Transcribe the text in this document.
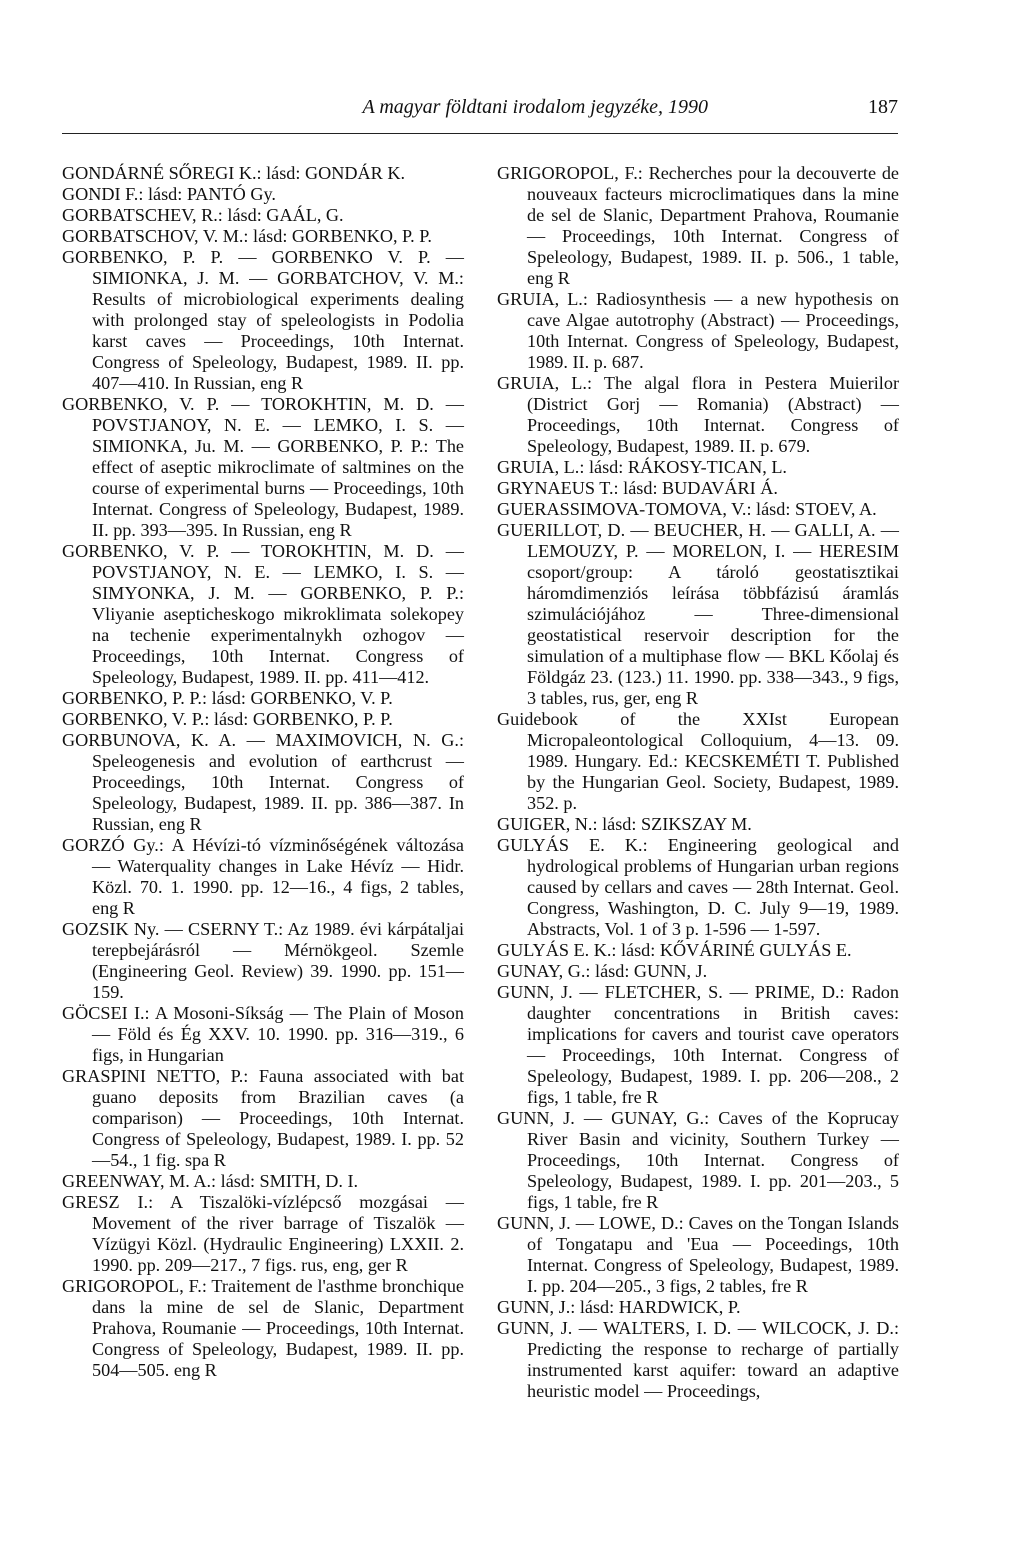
A magyar földtani irodalom jegyzéke, 1990	187

GONDÁRNÉ SŐREGI K.: lásd: GONDÁR K.

GONDI F.: lásd: PANTÓ Gy.

GORBATSCHEV, R.: lásd: GAÁL, G.

GORBATSCHOV, V. M.: lásd: GORBENKO, P. P.

GORBENKO, P. P. — GORBENKO V. P. — SIMIONKA, J. M. — GORBATCHOV, V. M.: Results of microbiological experiments dealing with prolonged stay of speleologists in Podolia karst caves — Proceedings, 10th Internat. Congress of Speleology, Budapest, 1989. II. pp. 407—410. In Russian, eng R

GORBENKO, V. P. — TOROKHTIN, M. D. — POVSTJANOY, N. E. — LEMKO, I. S. — SIMIONKA, Ju. M. — GORBENKO, P. P.: The effect of aseptic mikroclimate of saltmines on the course of experimental burns — Proceedings, 10th Internat. Congress of Speleology, Budapest, 1989. II. pp. 393—395. In Russian, eng R

GORBENKO, V. P. — TOROKHTIN, M. D. — POVSTJANOY, N. E. — LEMKO, I. S. — SIMYONKA, J. M. — GORBENKO, P. P.: Vliyanie asepticheskogo mikroklimata solekopey na techenie experimentalnykh ozhogov — Proceedings, 10th Internat. Congress of Speleology, Budapest, 1989. II. pp. 411—412.

GORBENKO, P. P.: lásd: GORBENKO, V. P.

GORBENKO, V. P.: lásd: GORBENKO, P. P.

GORBUNOVA, K. A. — MAXIMOVICH, N. G.: Speleogenesis and evolution of earthcrust — Proceedings, 10th Internat. Congress of Speleology, Budapest, 1989. II. pp. 386—387. In Russian, eng R

GORZÓ Gy.: A Hévízi-tó vízminőségének változása — Waterquality changes in Lake Hévíz — Hidr. Közl. 70. 1. 1990. pp. 12—16., 4 figs, 2 tables, eng R

GOZSIK Ny. — CSERNY T.: Az 1989. évi kárpátaljai terepbejárásról — Mérnökgeol. Szemle (Engineering Geol. Review) 39. 1990. pp. 151—159.

GÖCSEI I.: A Mosoni-Síkság — The Plain of Moson — Föld és Ég XXV. 10. 1990. pp. 316—319., 6 figs, in Hungarian

GRASPINI NETTO, P.: Fauna associated with bat guano deposits from Brazilian caves (a comparison) — Proceedings, 10th Internat. Congress of Speleology, Budapest, 1989. I. pp. 52—54., 1 fig. spa R

GREENWAY, M. A.: lásd: SMITH, D. I.

GRESZ I.: A Tiszalöki-vízlépcső mozgásai — Movement of the river barrage of Tiszalök — Vízügyi Közl. (Hydraulic Engineering) LXXII. 2. 1990. pp. 209—217., 7 figs. rus, eng, ger R

GRIGOROPOL, F.: Traitement de l'asthme bronchique dans la mine de sel de Slanic, Department Prahova, Roumanie — Proceedings, 10th Internat. Congress of Speleology, Budapest, 1989. II. pp. 504—505. eng R

GRIGOROPOL, F.: Recherches pour la decouverte de nouveaux facteurs microclimatiques dans la mine de sel de Slanic, Department Prahova, Roumanie — Proceedings, 10th Internat. Congress of Speleology, Budapest, 1989. II. p. 506., 1 table, eng R

GRUIA, L.: Radiosynthesis — a new hypothesis on cave Algae autotrophy (Abstract) — Proceedings, 10th Internat. Congress of Speleology, Budapest, 1989. II. p. 687.

GRUIA, L.: The algal flora in Pestera Muierilor (District Gorj — Romania) (Abstract) — Proceedings, 10th Internat. Congress of Speleology, Budapest, 1989. II. p. 679.

GRUIA, L.: lásd: RÁKOSY-TICAN, L.

GRYNAEUS T.: lásd: BUDAVÁRI Á.

GUERASSIMOVA-TOMOVA, V.: lásd: STOEV, A.

GUERILLOT, D. — BEUCHER, H. — GALLI, A. — LEMOUZY, P. — MORELON, I. — HERESIM csoport/group: A tároló geostatisztikai háromdimenziós leírása többfázisú áramlás szimulációjához — Three-dimensional geostatistical reservoir description for the simulation of a multiphase flow — BKL Kőolaj és Földgáz 23. (123.) 11. 1990. pp. 338—343., 9 figs, 3 tables, rus, ger, eng R

Guidebook of the XXIst European Micropaleontological Colloquium, 4—13. 09. 1989. Hungary. Ed.: KECSKEMÉTI T. Published by the Hungarian Geol. Society, Budapest, 1989. 352. p.

GUIGER, N.: lásd: SZIKSZAY M.

GULYÁS E. K.: Engineering geological and hydrological problems of Hungarian urban regions caused by cellars and caves — 28th Internat. Geol. Congress, Washington, D. C. July 9—19, 1989. Abstracts, Vol. 1 of 3 p. 1-596 — 1-597.

GULYÁS E. K.: lásd: KŐVÁRINÉ GULYÁS E.

GUNAY, G.: lásd: GUNN, J.

GUNN, J. — FLETCHER, S. — PRIME, D.: Radon daughter concentrations in British caves: implications for cavers and tourist cave operators — Proceedings, 10th Internat. Congress of Speleology, Budapest, 1989. I. pp. 206—208., 2 figs, 1 table, fre R

GUNN, J. — GUNAY, G.: Caves of the Koprucay River Basin and vicinity, Southern Turkey — Proceedings, 10th Internat. Congress of Speleology, Budapest, 1989. I. pp. 201—203., 5 figs, 1 table, fre R

GUNN, J. — LOWE, D.: Caves on the Tongan Islands of Tongatapu and 'Eua — Poceedings, 10th Internat. Congress of Speleology, Budapest, 1989. I. pp. 204—205., 3 figs, 2 tables, fre R

GUNN, J.: lásd: HARDWICK, P.

GUNN, J. — WALTERS, I. D. — WILCOCK, J. D.: Predicting the response to recharge of partially instrumented karst aquifer: toward an adaptive heuristic model — Proceedings,
